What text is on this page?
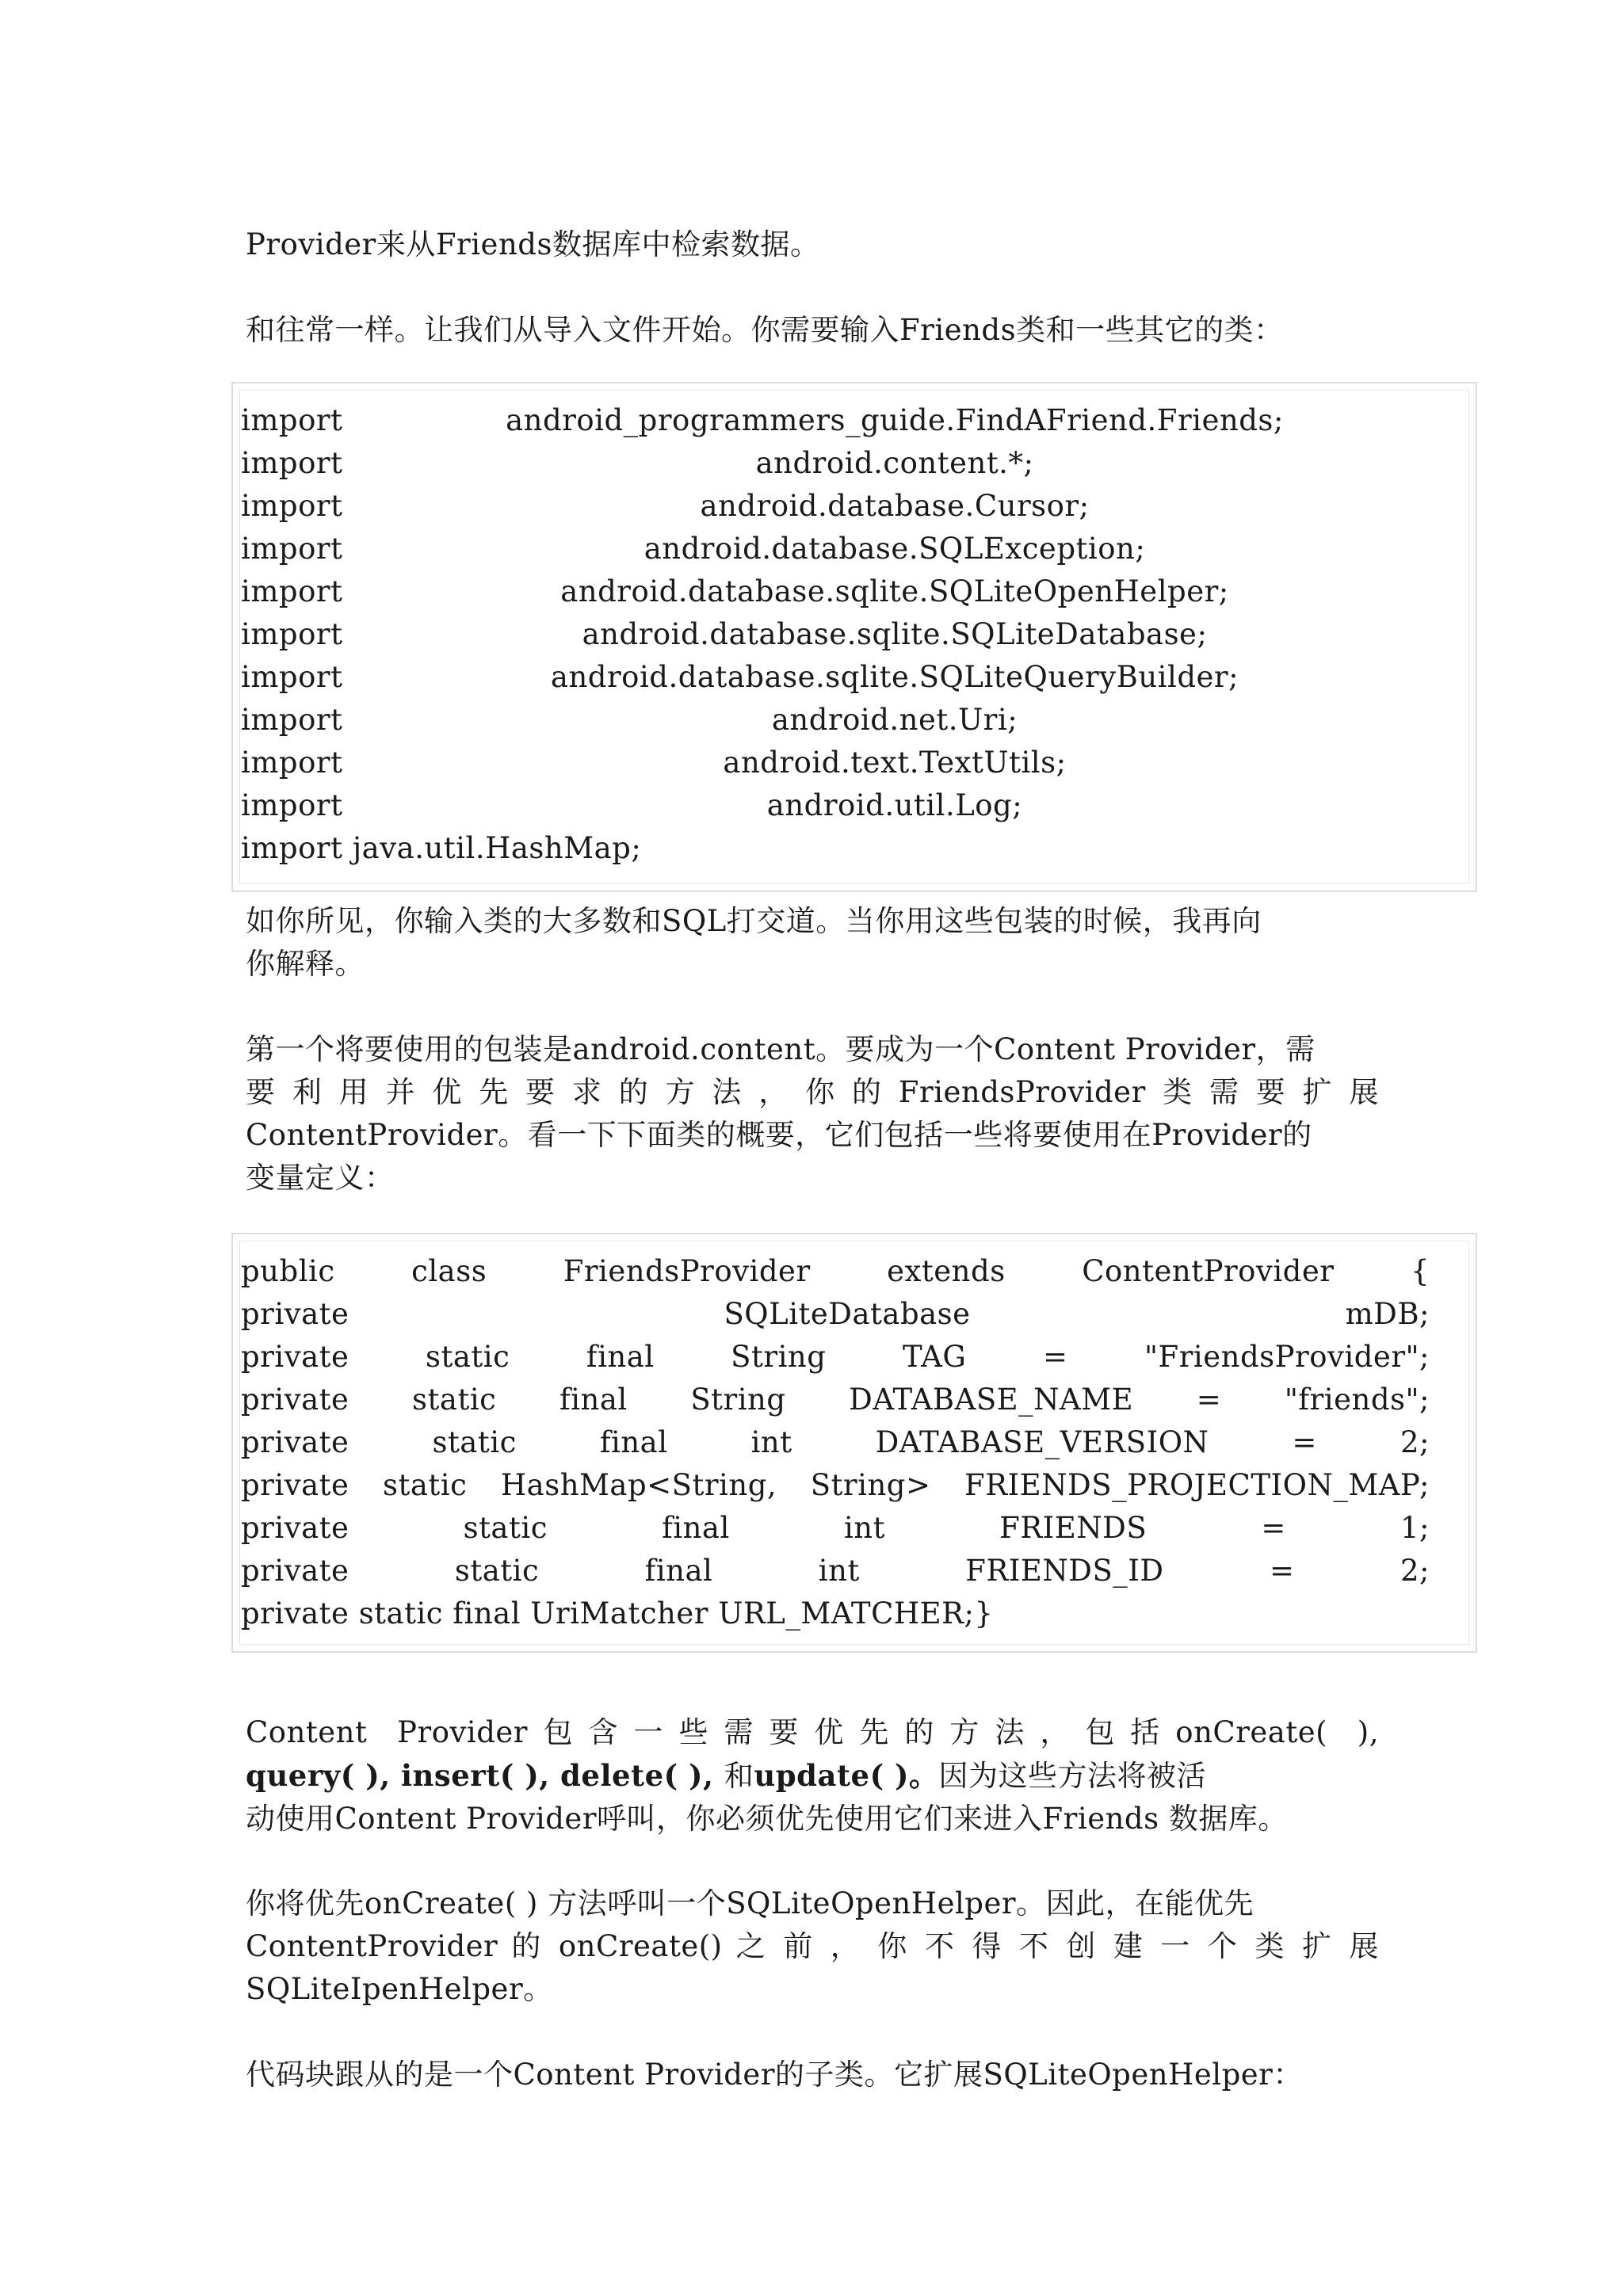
Provider来从Friends数据库中检索数据。

和往常一样。让我们从导入文件开始。你需要输入Friends类和一些其它的类：

import	android_programmers_guide.FindAFriend.Friends;
import	android.content.*;
import	android.database.Cursor;
import	android.database.SQLException;
import	android.database.sqlite.SQLiteOpenHelper;
import	android.database.sqlite.SQLiteDatabase;
import	android.database.sqlite.SQLiteQueryBuilder;
import	android.net.Uri;
import	android.text.TextUtils;
import	android.util.Log;
import java.util.HashMap;

如你所见，你输入类的大多数和SQL打交道。当你用这些包装的时候，我再向
你解释。

第一个将要使用的包装是android.content。要成为一个Content Provider，需
要利用并优先要求的方法，你的FriendsProvider类需要扩展
ContentProvider。看一下下面类的概要，它们包括一些将要使用在Provider的
变量定义：

public	class	FriendsProvider	extends	ContentProvider	{
private	SQLiteDatabase	mDB;
private	static	final	String	TAG	=	"FriendsProvider";
private static final String DATABASE_NAME = "friends";
private	static	final	int	DATABASE_VERSION	=	2;
private static HashMap<String, String> FRIENDS_PROJECTION_MAP;
private	static	final	int	FRIENDS	=	1;
private	static	final	int	FRIENDS_ID	=	2;
private static final UriMatcher URL_MATCHER;}
Content Provider包含一些需要优先的方法，包括onCreate( ),
query( ), insert( ), delete( ), 和update( )。因为这些方法将被活
动使用Content Provider呼叫，你必须优先使用它们来进入Friends 数据库。

你将优先onCreate( ) 方法呼叫一个SQLiteOpenHelper。因此，在能优先
ContentProvider 的 onCreate() 之 前 ， 你 不 得 不 创 建 一 个 类 扩 展
SQLiteIpenHelper。

代码块跟从的是一个Content Provider的子类。它扩展SQLiteOpenHelper：
